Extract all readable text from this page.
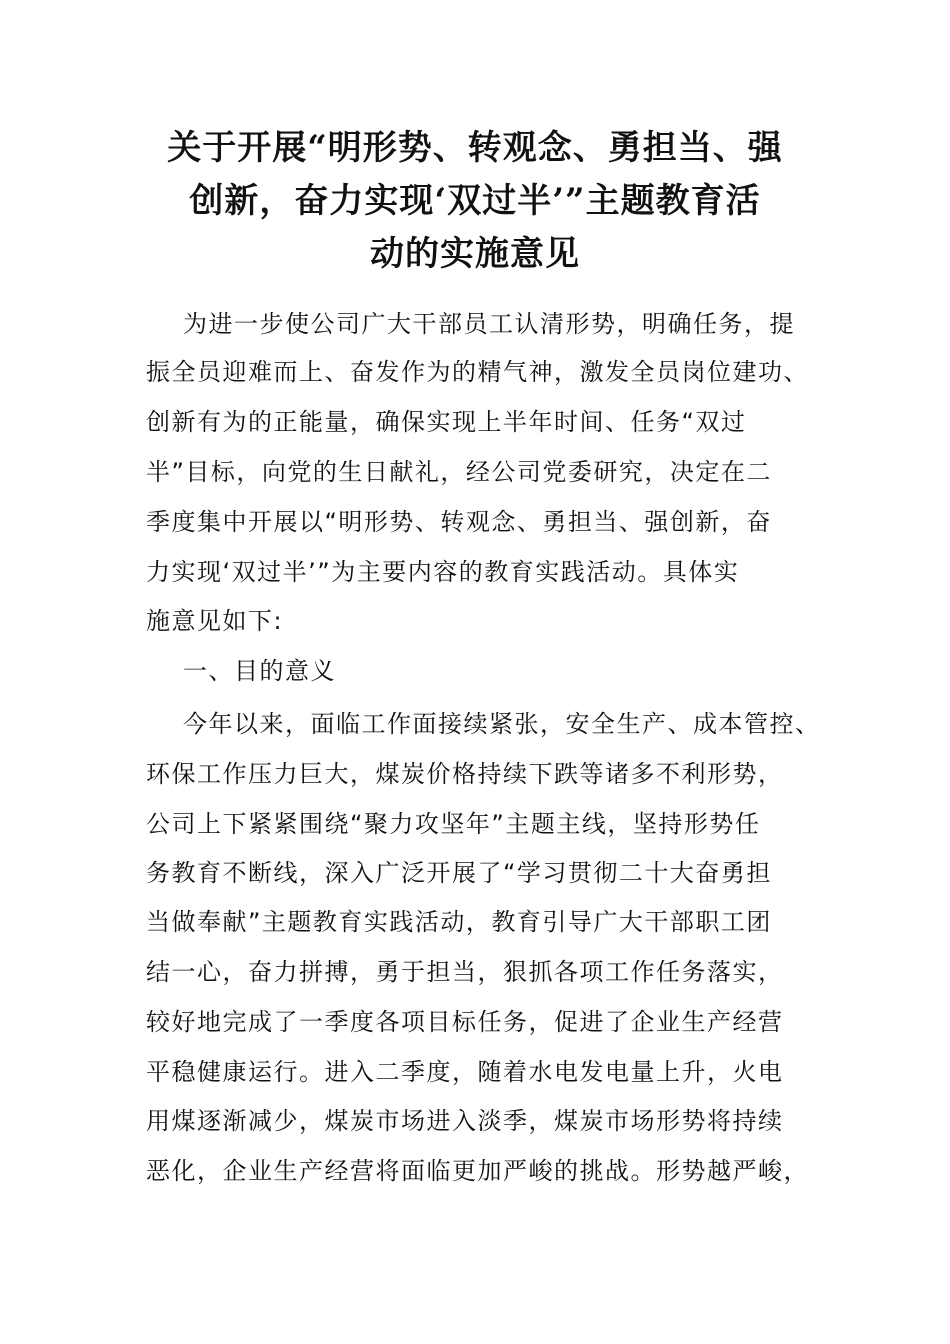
关于开展“明形势、转观念、勇担当、强
创新，奋力实现‘双过半’”主题教育活
动的实施意见
为进一步使公司广大干部员工认清形势，明确任务，提
振全员迎难而上、奋发作为的精气神，激发全员岗位建功、
创新有为的正能量，确保实现上半年时间、任务“双过
半”目标，向党的生日献礼，经公司党委研究，决定在二
季度集中开展以“明形势、转观念、勇担当、强创新，奋
力实现‘双过半’”为主要内容的教育实践活动。具体实
施意见如下:
一、目的意义
今年以来，面临工作面接续紧张，安全生产、成本管控、
环保工作压力巨大，煤炭价格持续下跌等诸多不利形势，
公司上下紧紧围绕“聚力攻坚年”主题主线，坚持形势任
务教育不断线，深入广泛开展了“学习贯彻二十大奋勇担
当做奉献”主题教育实践活动，教育引导广大干部职工团
结一心，奋力拼搏，勇于担当，狠抓各项工作任务落实，
较好地完成了一季度各项目标任务，促进了企业生产经营
平稳健康运行。进入二季度，随着水电发电量上升，火电
用煤逐渐减少，煤炭市场进入淡季，煤炭市场形势将持续
恶化，企业生产经营将面临更加严峻的挑战。形势越严峻，
